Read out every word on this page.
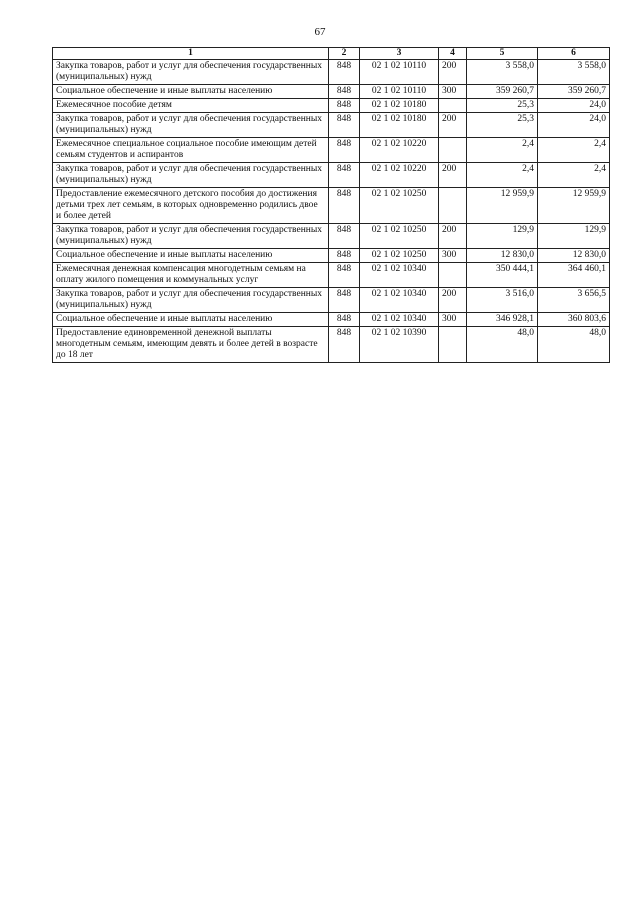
67
1	2	3	4	5	6
Закупка товаров, работ и услуг для обеспечения государственных (муниципальных) нужд	848	02 1 02 10110	200	3 558,0	3 558,0
Социальное обеспечение и иные выплаты населению	848	02 1 02 10110	300	359 260,7	359 260,7
Ежемесячное пособие детям	848	02 1 02 10180		25,3	24,0
Закупка товаров, работ и услуг для обеспечения государственных (муниципальных) нужд	848	02 1 02 10180	200	25,3	24,0
Ежемесячное специальное социальное пособие имеющим детей семьям студентов и аспирантов	848	02 1 02 10220		2,4	2,4
Закупка товаров, работ и услуг для обеспечения государственных (муниципальных) нужд	848	02 1 02 10220	200	2,4	2,4
Предоставление ежемесячного детского пособия до достижения детьми трех лет семьям, в которых одновременно родились двое и более детей	848	02 1 02 10250		12 959,9	12 959,9
Закупка товаров, работ и услуг для обеспечения государственных (муниципальных) нужд	848	02 1 02 10250	200	129,9	129,9
Социальное обеспечение и иные выплаты населению	848	02 1 02 10250	300	12 830,0	12 830,0
Ежемесячная денежная компенсация многодетным семьям на оплату жилого помещения и коммунальных услуг	848	02 1 02 10340		350 444,1	364 460,1
Закупка товаров, работ и услуг для обеспечения государственных (муниципальных) нужд	848	02 1 02 10340	200	3 516,0	3 656,5
Социальное обеспечение и иные выплаты населению	848	02 1 02 10340	300	346 928,1	360 803,6
Предоставление единовременной денежной выплаты многодетным семьям, имеющим девять и более детей в возрасте до 18 лет	848	02 1 02 10390		48,0	48,0
